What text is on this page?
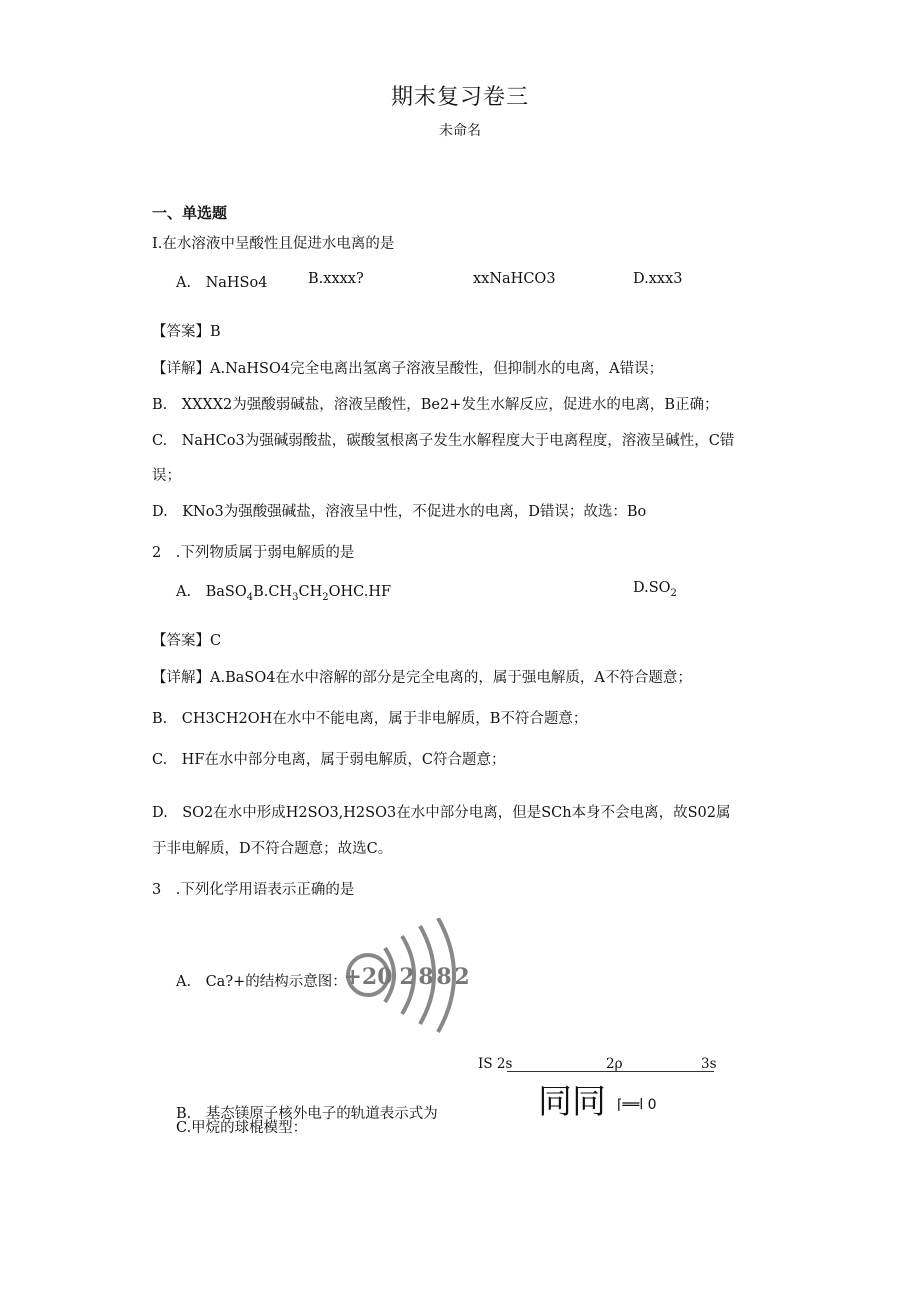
期末复习卷三
未命名
一、单选题
I.在水溶液中呈酸性且促进水电离的是
A.　NaHSo4	B.xxxx?	xxNaHCO3	D.xxx3
【答案】B
【详解】A.NaHSO4完全电离出氢离子溶液呈酸性，但抑制水的电离，A错误；
B.　XXXX2为强酸弱碱盐，溶液呈酸性，Be2+发生水解反应，促进水的电离，B正确；
C.　NaHCo3为强碱弱酸盐，碳酸氢根离子发生水解程度大于电离程度，溶液呈碱性，C错
误；
D.　KNo3为强酸强碱盐，溶液呈中性，不促进水的电离，D错误；故选：Bo
2　.下列物质属于弱电解质的是
A.　$BaSO_4B.CH_3CH_2OHC.HF$	$D.SO_2$
【答案】C
【详解】A.BaSO4在水中溶解的部分是完全电离的，属于强电解质，A不符合题意；
B.　CH3CH2OH在水中不能电离，属于非电解质，B不符合题意；
C.　HF在水中部分电离，属于弱电解质，C符合题意；
D.　SO2在水中形成H2SO3,H2SO3在水中部分电离，但是SCh本身不会电离，故S02属
于非电解质，D不符合题意；故选C。
3　.下列化学用语表示正确的是
A.　Ca?+的结构示意图：
+20 2 8 8 2
IS 2s	2ρ	3s
B.　基态镁原子核外电子的轨道表示式为	同同 ⌈══l 0
C.甲烷的球棍模型：
